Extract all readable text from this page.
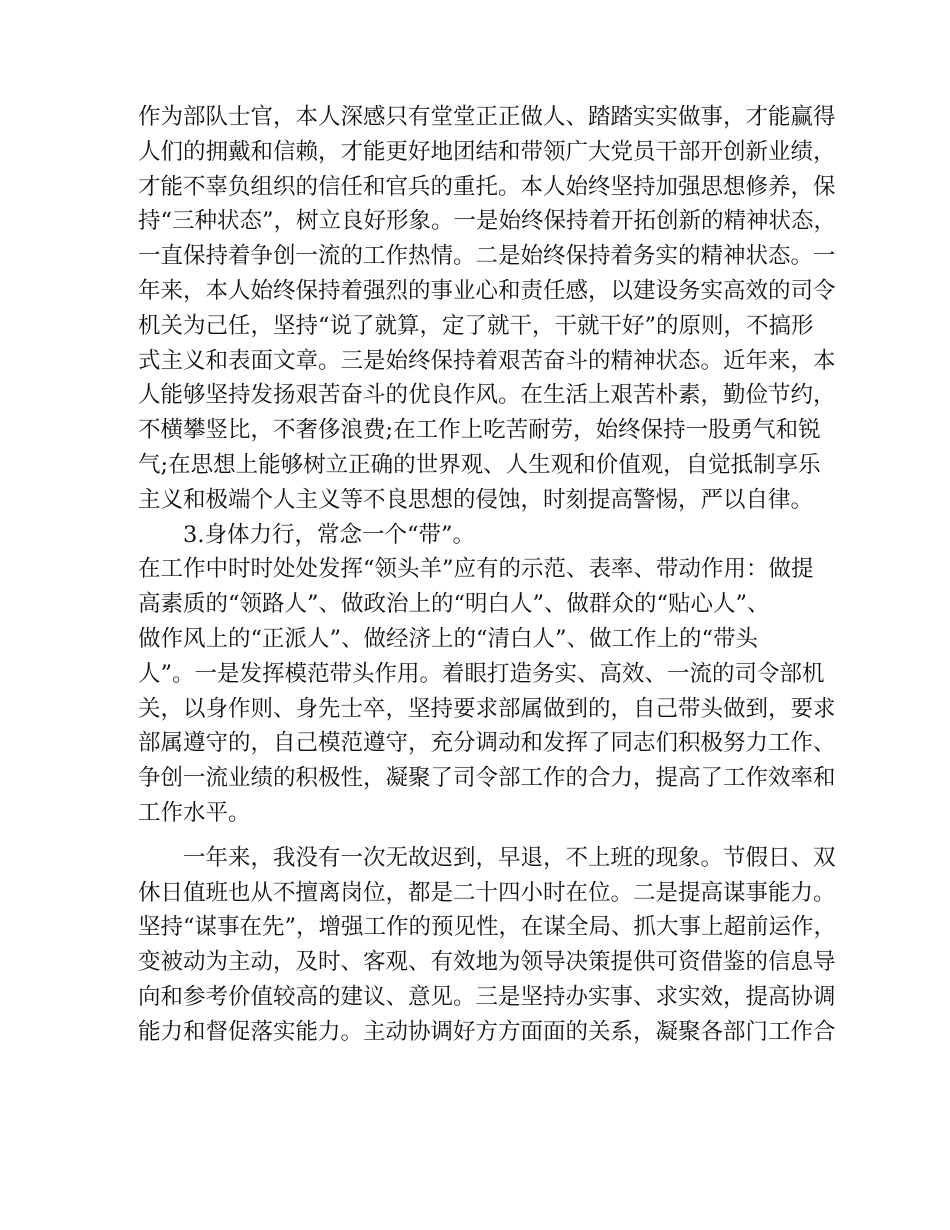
作为部队士官，本人深感只有堂堂正正做人、踏踏实实做事，才能赢得
人们的拥戴和信赖，才能更好地团结和带领广大党员干部开创新业绩，
才能不辜负组织的信任和官兵的重托。本人始终坚持加强思想修养，保
持“三种状态”，树立良好形象。一是始终保持着开拓创新的精神状态，
一直保持着争创一流的工作热情。二是始终保持着务实的精神状态。一
年来，本人始终保持着强烈的事业心和责任感，以建设务实高效的司令
机关为己任，坚持“说了就算，定了就干，干就干好”的原则，不搞形
式主义和表面文章。三是始终保持着艰苦奋斗的精神状态。近年来，本
人能够坚持发扬艰苦奋斗的优良作风。在生活上艰苦朴素，勤俭节约，
不横攀竖比，不奢侈浪费;在工作上吃苦耐劳，始终保持一股勇气和锐
气;在思想上能够树立正确的世界观、人生观和价值观，自觉抵制享乐
主义和极端个人主义等不良思想的侵蚀，时刻提高警惕，严以自律。
3.身体力行，常念一个“带”。
在工作中时时处处发挥“领头羊”应有的示范、表率、带动作用：做提
高素质的“领路人”、做政治上的“明白人”、做群众的“贴心人”、
做作风上的“正派人”、做经济上的“清白人”、做工作上的“带头
人”。一是发挥模范带头作用。着眼打造务实、高效、一流的司令部机
关，以身作则、身先士卒，坚持要求部属做到的，自己带头做到，要求
部属遵守的，自己模范遵守，充分调动和发挥了同志们积极努力工作、
争创一流业绩的积极性，凝聚了司令部工作的合力，提高了工作效率和
工作水平。
一年来，我没有一次无故迟到，早退，不上班的现象。节假日、双
休日值班也从不擅离岗位，都是二十四小时在位。二是提高谋事能力。
坚持“谋事在先”，增强工作的预见性，在谋全局、抓大事上超前运作，
变被动为主动，及时、客观、有效地为领导决策提供可资借鉴的信息导
向和参考价值较高的建议、意见。三是坚持办实事、求实效，提高协调
能力和督促落实能力。主动协调好方方面面的关系，凝聚各部门工作合
